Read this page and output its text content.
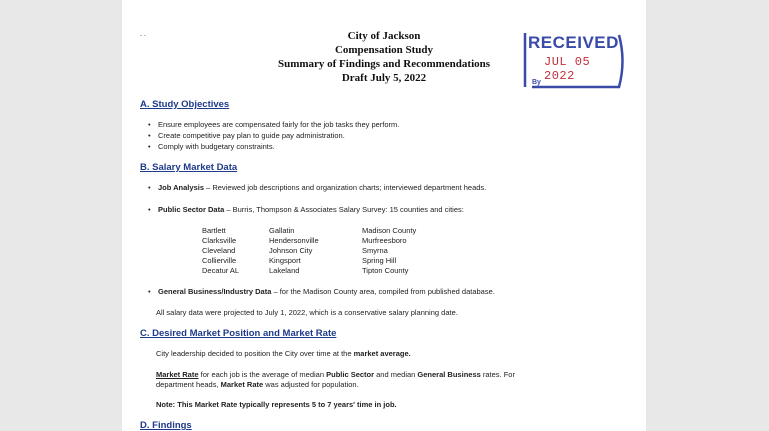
- -	City of Jackson
Compensation Study
Summary of Findings and Recommendations
Draft July 5, 2022
RECEIVED
JUL 05 2022
By
A. Study Objectives
• Ensure employees are compensated fairly for the job tasks they perform.
• Create competitive pay plan to guide pay administration.
• Comply with budgetary constraints.
B. Salary Market Data
• Job Analysis – Reviewed job descriptions and organization charts; interviewed department heads.
• Public Sector Data – Burris, Thompson & Associates Salary Survey: 15 counties and cities:
Bartlett
Clarksville
Cleveland
Collierville
Decatur AL
Gallatin
Hendersonville
Johnson City
Kingsport
Lakeland
Madison County
Murfreesboro
Smyrna
Spring Hill
Tipton County
• General Business/Industry Data – for the Madison County area, compiled from published database.
All salary data were projected to July 1, 2022, which is a conservative salary planning date.
C. Desired Market Position and Market Rate
City leadership decided to position the City over time at the market average.
Market Rate for each job is the average of median Public Sector and median General Business rates. For
department heads, Market Rate was adjusted for population.
Note: This Market Rate typically represents 5 to 7 years' time in job.
D. Findings
